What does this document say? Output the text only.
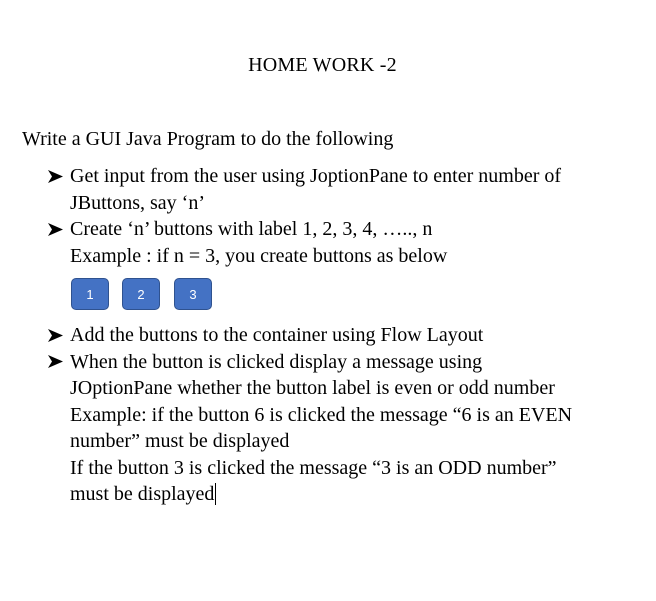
HOME WORK -2
Write a GUI Java Program to do the following
Get input from the user using JoptionPane to enter number of
JButtons, say ‘n’
Create ‘n’ buttons with label 1, 2, 3, 4, ….., n
Example : if n = 3, you create buttons as below
1	2	3
Add the buttons to the container using Flow Layout
When the button is clicked display a message using
JOptionPane whether the button label is even or odd number
Example: if the button 6 is clicked the message “6 is an EVEN
number” must be displayed
If the button 3 is clicked the message “3 is an ODD number”
must be displayed
